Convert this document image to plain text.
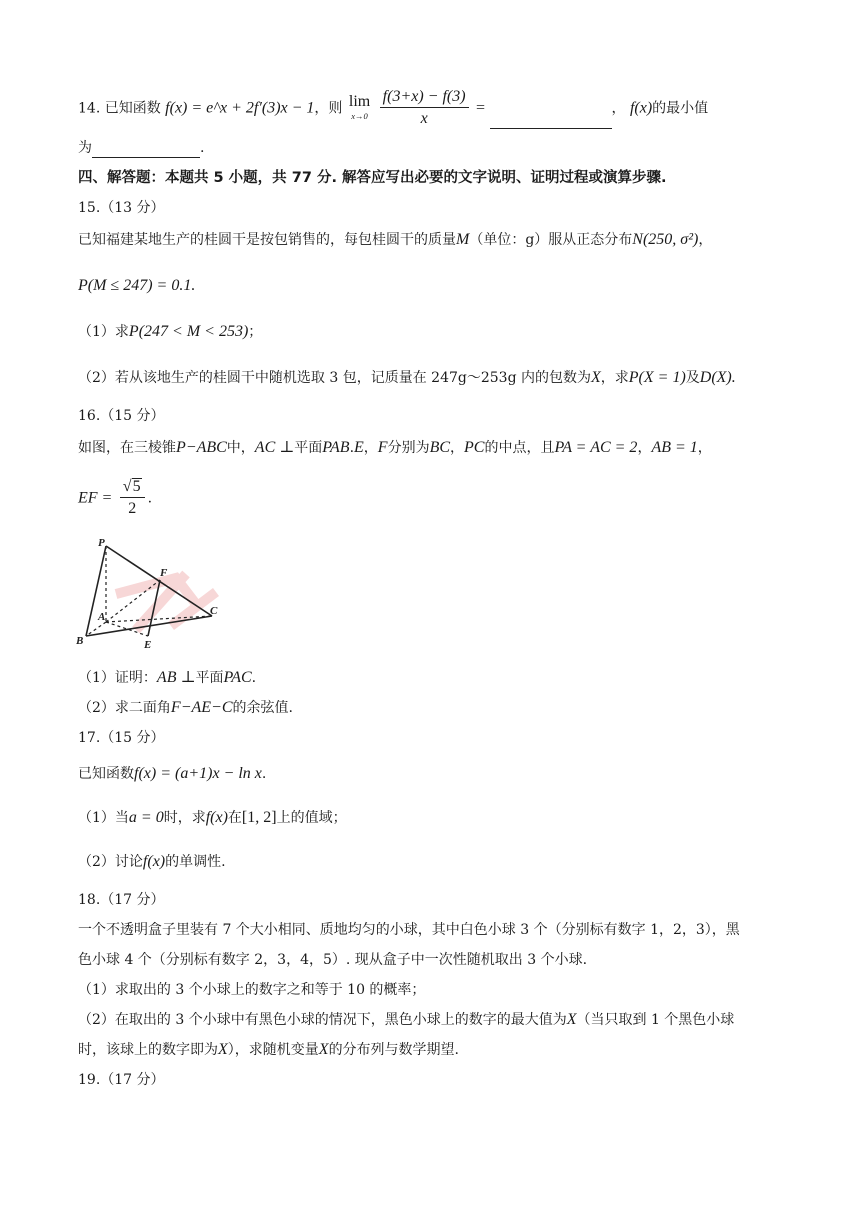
14. 已知函数 f(x) = e^x + 2f′(3)x − 1，则 lim
x→0
$\frac{f(3+x) - f(3)}{x}$ =	， f(x)的最小值
为	.
四、解答题：本题共 5 小题，共 77 分. 解答应写出必要的文字说明、证明过程或演算步骤.
15.（13 分）
已知福建某地生产的桂圆干是按包销售的，每包桂圆干的质量M（单位：g）服从正态分布N(250, σ²)，
P(M ≤ 247) = 0.1.
（1）求P(247 < M < 253)；
（2）若从该地生产的桂圆干中随机选取 3 包，记质量在 247g～253g 内的包数为X，求P(X = 1)及D(X).
16.（15 分）
如图，在三棱锥P−ABC中，AC ⊥平面PAB.E，F分别为BC，PC的中点，且PA = AC = 2，AB = 1，
EF = $\frac{√5}{2}$ .
P
F
A	C
B	E
（1）证明：AB ⊥平面PAC.
（2）求二面角F−AE−C的余弦值.
17.（15 分）
已知函数f(x) = (a+1)x − ln x.
（1）当a = 0时，求f(x)在[1, 2]上的值域；
（2）讨论f(x)的单调性.
18.（17 分）
一个不透明盒子里装有 7 个大小相同、质地均匀的小球，其中白色小球 3 个（分别标有数字 1，2，3），黑
色小球 4 个（分别标有数字 2，3，4，5）. 现从盒子中一次性随机取出 3 个小球.
（1）求取出的 3 个小球上的数字之和等于 10 的概率；
（2）在取出的 3 个小球中有黑色小球的情况下，黑色小球上的数字的最大值为X（当只取到 1 个黑色小球
时，该球上的数字即为X），求随机变量X的分布列与数学期望.
19.（17 分）
